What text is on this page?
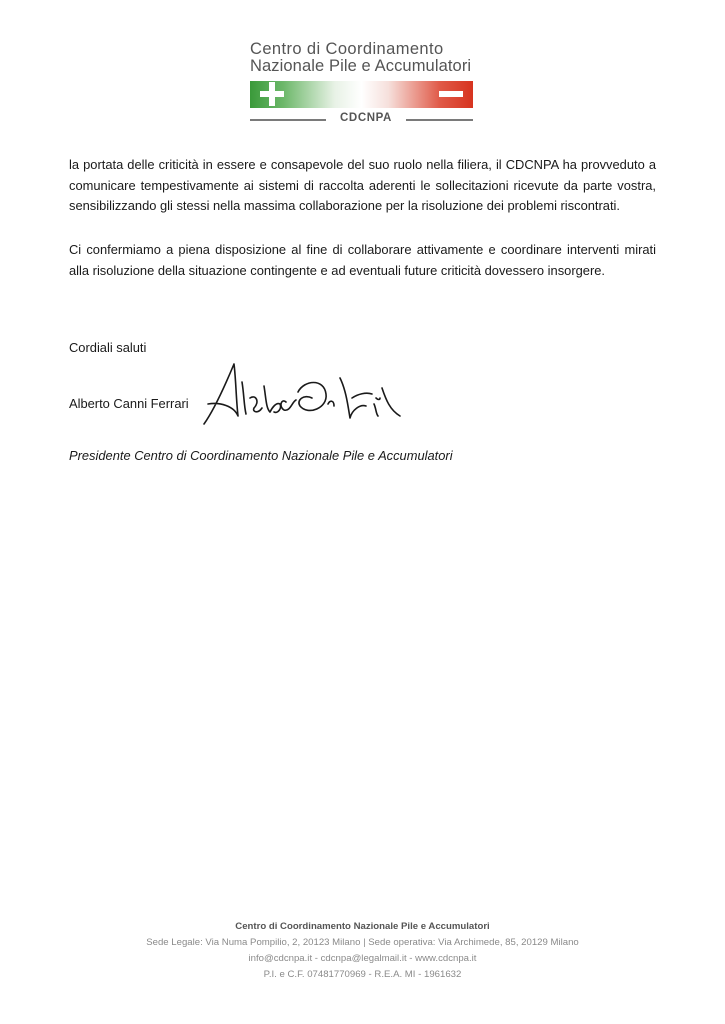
Centro di Coordinamento
Nazionale Pile e Accumulatori
CDCNPA

la portata delle criticità in essere e consapevole del suo ruolo nella filiera, il CDCNPA ha provveduto a comunicare tempestivamente ai sistemi di raccolta aderenti le sollecitazioni ricevute da parte vostra, sensibilizzando gli stessi nella massima collaborazione per la risoluzione dei problemi riscontrati.

Ci confermiamo a piena disposizione al fine di collaborare attivamente e coordinare interventi mirati alla risoluzione della situazione contingente e ad eventuali future criticità dovessero insorgere.

Cordiali saluti
Alberto Canni Ferrari
Presidente Centro di Coordinamento Nazionale Pile e Accumulatori
Centro di Coordinamento Nazionale Pile e Accumulatori
Sede Legale: Via Numa Pompilio, 2, 20123 Milano | Sede operativa: Via Archimede, 85, 20129 Milano
info@cdcnpa.it - cdcnpa@legalmail.it - www.cdcnpa.it
P.I. e C.F. 07481770969 - R.E.A. MI - 1961632
